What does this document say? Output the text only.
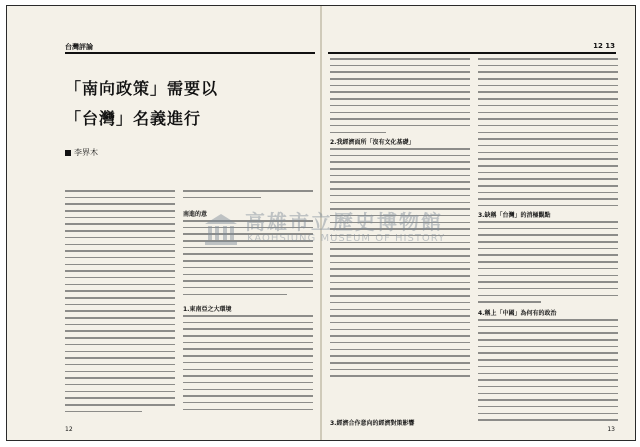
台灣評論
「南向政策」需要以
「台灣」名義進行
李界木
南進的意
1.東南亞之大環境
12
12 13
2.我經濟面所「沒有文化基礎」
3.經濟合作意向的經濟對策影響
3.缺稱「台灣」的消極觀點
4.稱上「中國」為何有的政治
13
高雄市立歷史博物館
KAOHSIUNG MUSEUM OF HISTORY
